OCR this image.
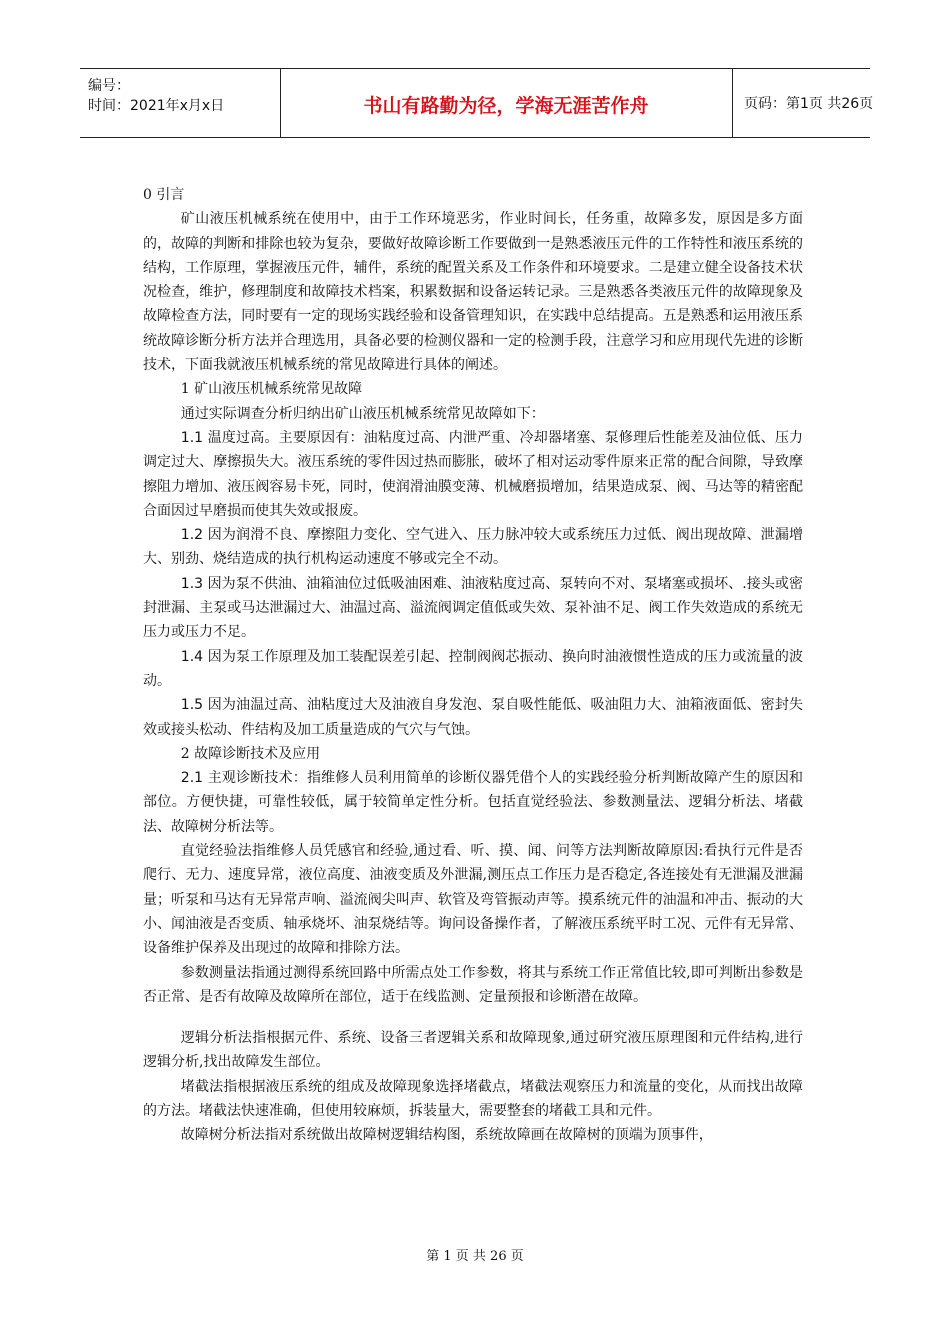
编号：
时间：2021年x月x日	书山有路勤为径，学海无涯苦作舟	页码：第1页 共26页

0 引言

矿山液压机械系统在使用中，由于工作环境恶劣，作业时间长，任务重，故障多发，原因是多方面的，故障的判断和排除也较为复杂，要做好故障诊断工作要做到一是熟悉液压元件的工作特性和液压系统的结构，工作原理，掌握液压元件，辅件，系统的配置关系及工作条件和环境要求。二是建立健全设备技术状况检查，维护，修理制度和故障技术档案，积累数据和设备运转记录。三是熟悉各类液压元件的故障现象及故障检查方法，同时要有一定的现场实践经验和设备管理知识，在实践中总结提高。五是熟悉和运用液压系统故障诊断分析方法并合理选用，具备必要的检测仪器和一定的检测手段，注意学习和应用现代先进的诊断技术，下面我就液压机械系统的常见故障进行具体的阐述。

1 矿山液压机械系统常见故障

通过实际调查分析归纳出矿山液压机械系统常见故障如下：

1.1 温度过高。主要原因有：油粘度过高、内泄严重、冷却器堵塞、泵修理后性能差及油位低、压力调定过大、摩擦损失大。液压系统的零件因过热而膨胀，破坏了相对运动零件原来正常的配合间隙，导致摩擦阻力增加、液压阀容易卡死，同时，使润滑油膜变薄、机械磨损增加，结果造成泵、阀、马达等的精密配合面因过早磨损而使其失效或报废。

1.2 因为润滑不良、摩擦阻力变化、空气进入、压力脉冲较大或系统压力过低、阀出现故障、泄漏增大、别劲、烧结造成的执行机构运动速度不够或完全不动。

1.3 因为泵不供油、油箱油位过低吸油困难、油液粘度过高、泵转向不对、泵堵塞或损坏、.接头或密封泄漏、主泵或马达泄漏过大、油温过高、溢流阀调定值低或失效、泵补油不足、阀工作失效造成的系统无压力或压力不足。

1.4 因为泵工作原理及加工装配误差引起、控制阀阀芯振动、换向时油液惯性造成的压力或流量的波动。

1.5 因为油温过高、油粘度过大及油液自身发泡、泵自吸性能低、吸油阻力大、油箱液面低、密封失效或接头松动、件结构及加工质量造成的气穴与气蚀。

2 故障诊断技术及应用

2.1 主观诊断技术：指维修人员利用简单的诊断仪器凭借个人的实践经验分析判断故障产生的原因和部位。方便快捷，可靠性较低，属于较简单定性分析。包括直觉经验法、参数测量法、逻辑分析法、堵截法、故障树分析法等。

直觉经验法指维修人员凭感官和经验,通过看、听、摸、闻、问等方法判断故障原因:看执行元件是否爬行、无力、速度异常，液位高度、油液变质及外泄漏,测压点工作压力是否稳定,各连接处有无泄漏及泄漏量；听泵和马达有无异常声响、溢流阀尖叫声、软管及弯管振动声等。摸系统元件的油温和冲击、振动的大小、闻油液是否变质、轴承烧坏、油泵烧结等。询问设备操作者，了解液压系统平时工况、元件有无异常、设备维护保养及出现过的故障和排除方法。

参数测量法指通过测得系统回路中所需点处工作参数，将其与系统工作正常值比较,即可判断出参数是否正常、是否有故障及故障所在部位，适于在线监测、定量预报和诊断潜在故障。

逻辑分析法指根据元件、系统、设备三者逻辑关系和故障现象,通过研究液压原理图和元件结构,进行逻辑分析,找出故障发生部位。

堵截法指根据液压系统的组成及故障现象选择堵截点，堵截法观察压力和流量的变化，从而找出故障的方法。堵截法快速准确，但使用较麻烦，拆装量大，需要整套的堵截工具和元件。

故障树分析法指对系统做出故障树逻辑结构图，系统故障画在故障树的顶端为顶事件，

第 1 页 共 26 页
